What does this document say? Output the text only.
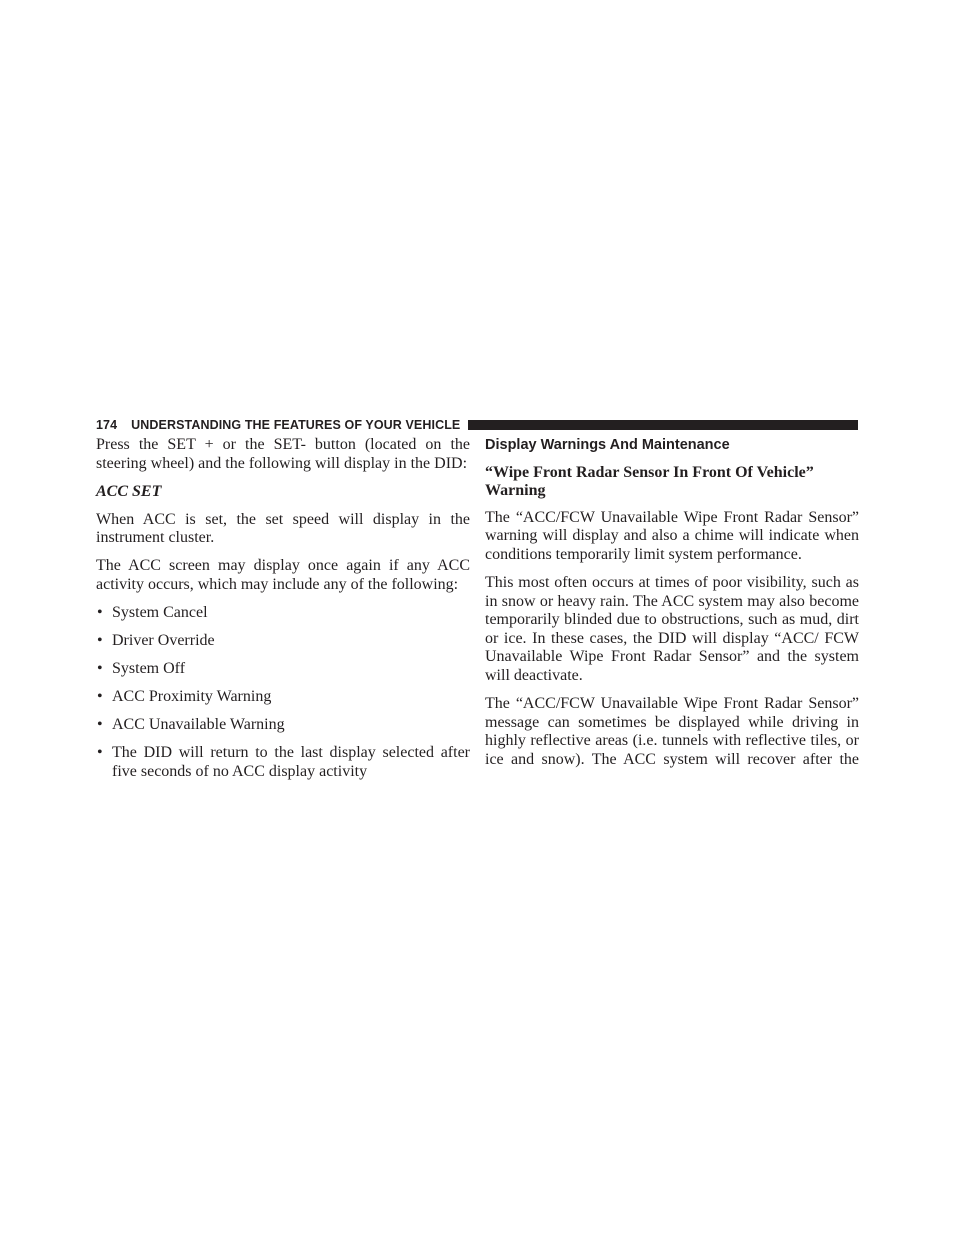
174 UNDERSTANDING THE FEATURES OF YOUR VEHICLE

Press the SET + or the SET- button (located on the steering wheel) and the following will display in the DID:

ACC SET

When ACC is set, the set speed will display in the instrument cluster.

The ACC screen may display once again if any ACC activity occurs, which may include any of the following:

• System Cancel
• Driver Override
• System Off
• ACC Proximity Warning
• ACC Unavailable Warning
• The DID will return to the last display selected after five seconds of no ACC display activity
Display Warnings And Maintenance
“Wipe Front Radar Sensor In Front Of Vehicle” Warning

The “ACC/FCW Unavailable Wipe Front Radar Sensor” warning will display and also a chime will indicate when conditions temporarily limit system performance.

This most often occurs at times of poor visibility, such as in snow or heavy rain. The ACC system may also become temporarily blinded due to obstructions, such as mud, dirt or ice. In these cases, the DID will display “ACC/ FCW Unavailable Wipe Front Radar Sensor” and the system will deactivate.

The “ACC/FCW Unavailable Wipe Front Radar Sensor” message can sometimes be displayed while driving in highly reflective areas (i.e. tunnels with reflective tiles, or ice and snow). The ACC system will recover after the
